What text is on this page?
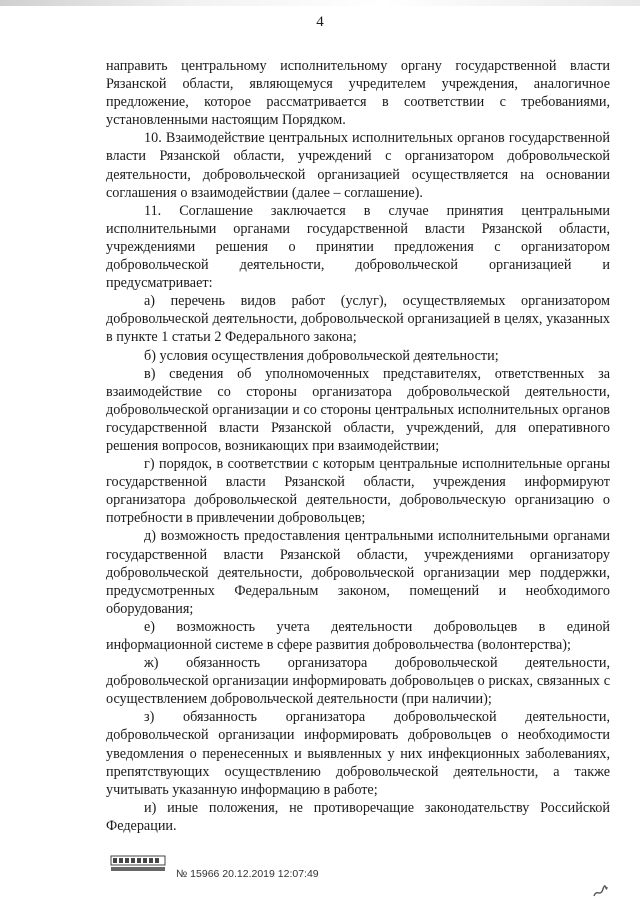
4

направить центральному исполнительному органу государственной власти Рязанской области, являющемуся учредителем учреждения, аналогичное предложение, которое рассматривается в соответствии с требованиями, установленными настоящим Порядком.

10. Взаимодействие центральных исполнительных органов государственной власти Рязанской области, учреждений с организатором добровольческой деятельности, добровольческой организацией осуществляется на основании соглашения о взаимодействии (далее – соглашение).

11. Соглашение заключается в случае принятия центральными исполнительными органами государственной власти Рязанской области, учреждениями решения о принятии предложения с организатором добровольческой деятельности, добровольческой организацией и предусматривает:

а) перечень видов работ (услуг), осуществляемых организатором добровольческой деятельности, добровольческой организацией в целях, указанных в пункте 1 статьи 2 Федерального закона;

б) условия осуществления добровольческой деятельности;

в) сведения об уполномоченных представителях, ответственных за взаимодействие со стороны организатора добровольческой деятельности, добровольческой организации и со стороны центральных исполнительных органов государственной власти Рязанской области, учреждений, для оперативного решения вопросов, возникающих при взаимодействии;

г) порядок, в соответствии с которым центральные исполнительные органы государственной власти Рязанской области, учреждения информируют организатора добровольческой деятельности, добровольческую организацию о потребности в привлечении добровольцев;

д) возможность предоставления центральными исполнительными органами государственной власти Рязанской области, учреждениями организатору добровольческой деятельности, добровольческой организации мер поддержки, предусмотренных Федеральным законом, помещений и необходимого оборудования;

е) возможность учета деятельности добровольцев в единой информационной системе в сфере развития добровольчества (волонтерства);

ж) обязанность организатора добровольческой деятельности, добровольческой организации информировать добровольцев о рисках, связанных с осуществлением добровольческой деятельности (при наличии);

з) обязанность организатора добровольческой деятельности, добровольческой организации информировать добровольцев о необходимости уведомления о перенесенных и выявленных у них инфекционных заболеваниях, препятствующих осуществлению добровольческой деятельности, а также учитывать указанную информацию в работе;

и) иные положения, не противоречащие законодательству Российской Федерации.

№ 15966 20.12.2019 12:07:49
